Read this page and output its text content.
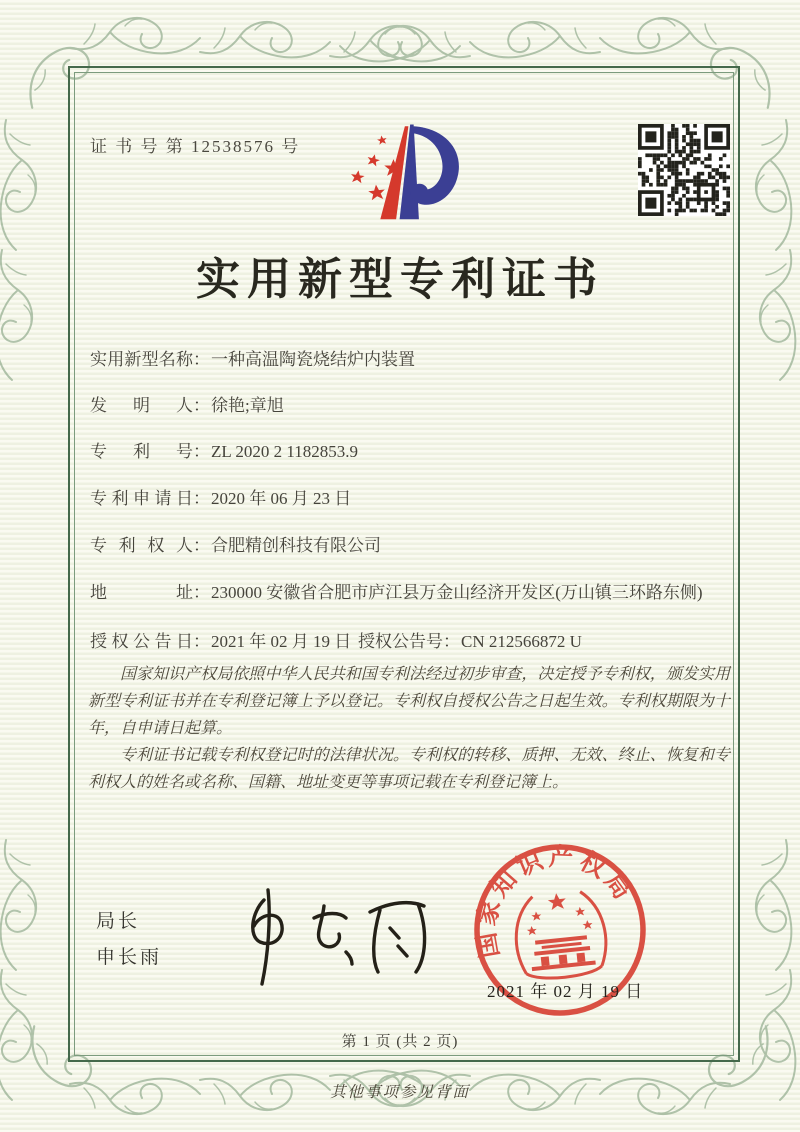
证 书 号 第 12538576 号
实用新型专利证书
实用新型名称：一种高温陶瓷烧结炉内装置
发明人：徐艳;章旭
专利号：ZL 2020 2 1182853.9
专利申请日：2020 年 06 月 23 日
专利权人：合肥精创科技有限公司
地址：230000 安徽省合肥市庐江县万金山经济开发区(万山镇三环路东侧)
授权公告日：2021 年 02 月 19 日 授权公告号：CN 212566872 U

国家知识产权局依照中华人民共和国专利法经过初步审查，决定授予专利权，颁发实用新型专利证书并在专利登记簿上予以登记。专利权自授权公告之日起生效。专利权期限为十年，自申请日起算。

专利证书记载专利权登记时的法律状况。专利权的转移、质押、无效、终止、恢复和专利权人的姓名或名称、国籍、地址变更等事项记载在专利登记簿上。

局长
申长雨	国家知识产权局
2021 年 02 月 19 日
第 1 页 (共 2 页)
其他事项参见背面
